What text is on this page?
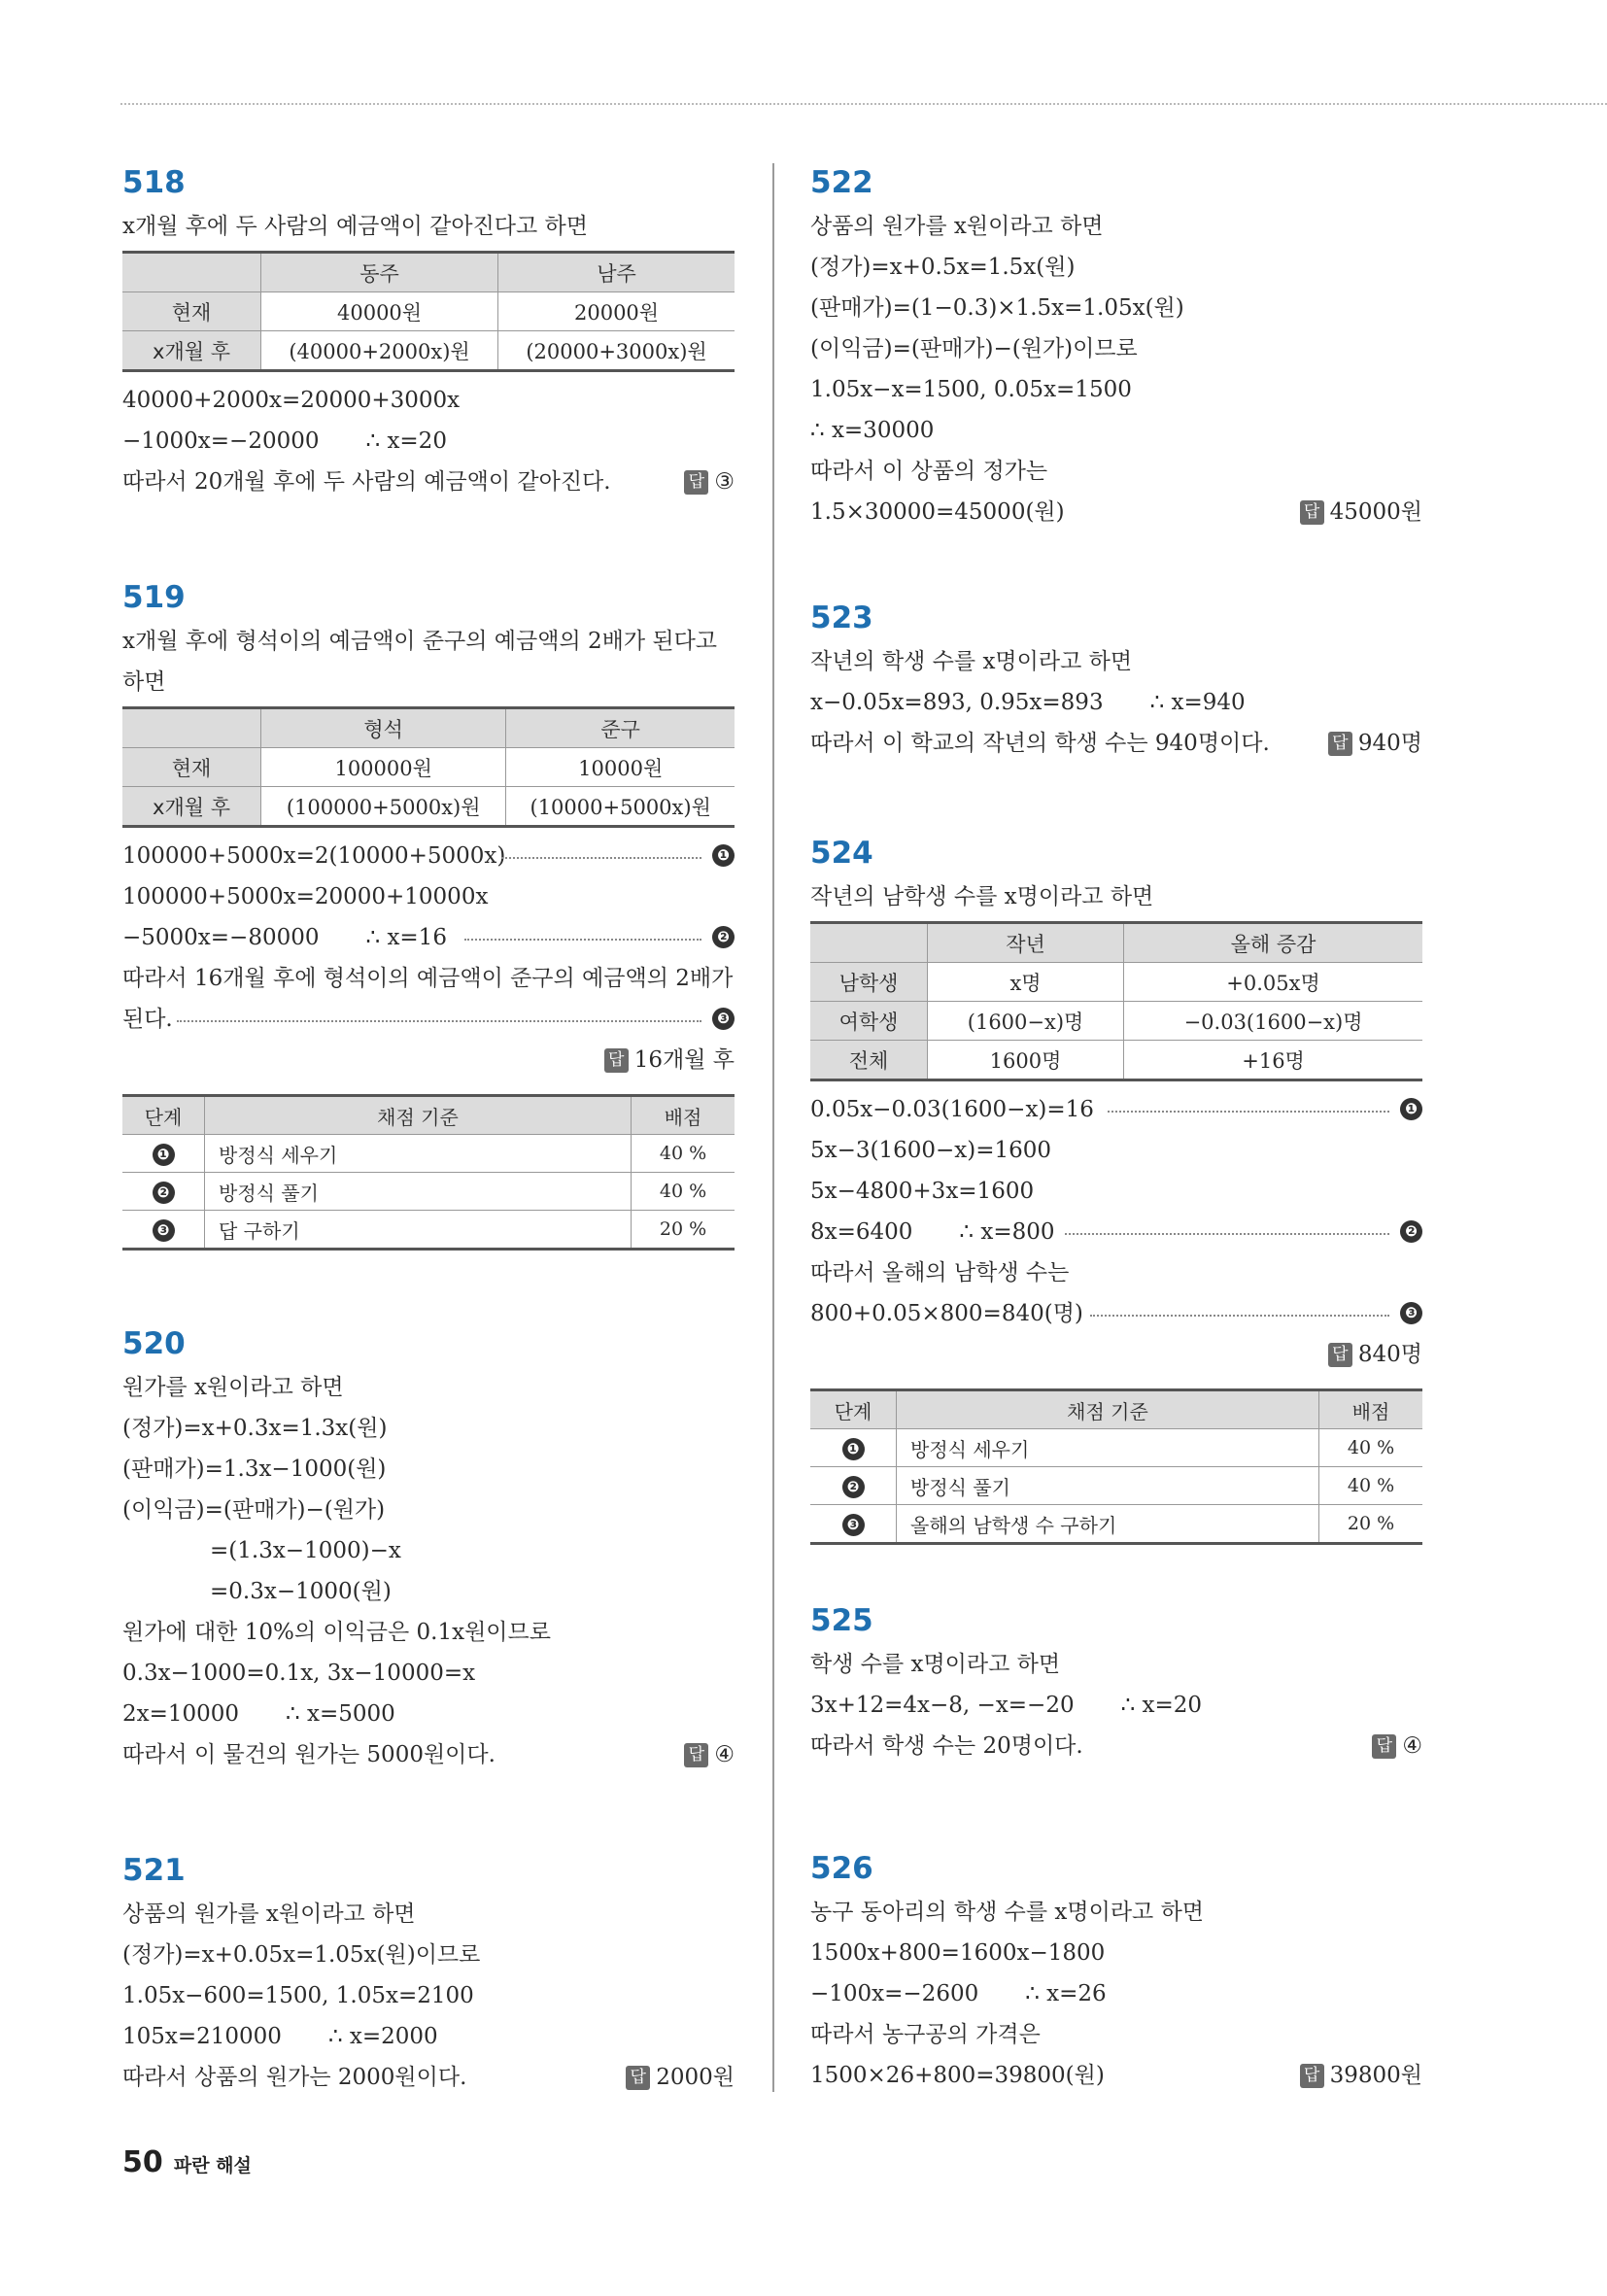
518
x개월 후에 두 사람의 예금액이 같아진다고 하면
	동주	남주
현재	40000원	20000원
x개월 후	(40000+2000x)원	(20000+3000x)원
40000+2000x=20000+3000x
−1000x=−20000 ∴ x=20
따라서 20개월 후에 두 사람의 예금액이 같아진다.	답 ③
519
x개월 후에 형석이의 예금액이 준구의 예금액의 2배가 된다고
하면
	형석	준구
현재	100000원	10000원
x개월 후	(100000+5000x)원	(10000+5000x)원
100000+5000x=2(10000+5000x)	❶
100000+5000x=20000+10000x
−5000x=−80000 ∴ x=16	❷
따라서 16개월 후에 형석이의 예금액이 준구의 예금액의 2배가
된다.	❸
답 16개월 후
단계	채점 기준	배점
❶	방정식 세우기	40 %
❷	방정식 풀기	40 %
❸	답 구하기	20 %
520
원가를 x원이라고 하면
(정가)=x+0.3x=1.3x(원)
(판매가)=1.3x−1000(원)
(이익금)=(판매가)−(원가)
=(1.3x−1000)−x
=0.3x−1000(원)
원가에 대한 10%의 이익금은 0.1x원이므로
0.3x−1000=0.1x, 3x−10000=x
2x=10000 ∴ x=5000
따라서 이 물건의 원가는 5000원이다.	답 ④
521
상품의 원가를 x원이라고 하면
(정가)=x+0.05x=1.05x(원)이므로
1.05x−600=1500, 1.05x=2100
105x=210000 ∴ x=2000
따라서 상품의 원가는 2000원이다.	답 2000원
522
상품의 원가를 x원이라고 하면
(정가)=x+0.5x=1.5x(원)
(판매가)=(1−0.3)×1.5x=1.05x(원)
(이익금)=(판매가)−(원가)이므로
1.05x−x=1500, 0.05x=1500
∴ x=30000
따라서 이 상품의 정가는
1.5×30000=45000(원)	답 45000원
523
작년의 학생 수를 x명이라고 하면
x−0.05x=893, 0.95x=893 ∴ x=940
따라서 이 학교의 작년의 학생 수는 940명이다.	답 940명
524
작년의 남학생 수를 x명이라고 하면
	작년	올해 증감
남학생	x명	+0.05x명
여학생	(1600−x)명	−0.03(1600−x)명
전체	1600명	+16명
0.05x−0.03(1600−x)=16	❶
5x−3(1600−x)=1600
5x−4800+3x=1600
8x=6400 ∴ x=800	❷
따라서 올해의 남학생 수는
800+0.05×800=840(명)	❸
답 840명
단계	채점 기준	배점
❶	방정식 세우기	40 %
❷	방정식 풀기	40 %
❸	올해의 남학생 수 구하기	20 %
525
학생 수를 x명이라고 하면
3x+12=4x−8, −x=−20 ∴ x=20
따라서 학생 수는 20명이다.	답 ④
526
농구 동아리의 학생 수를 x명이라고 하면
1500x+800=1600x−1800
−100x=−2600 ∴ x=26
따라서 농구공의 가격은
1500×26+800=39800(원)	답 39800원
50 파란 해설
